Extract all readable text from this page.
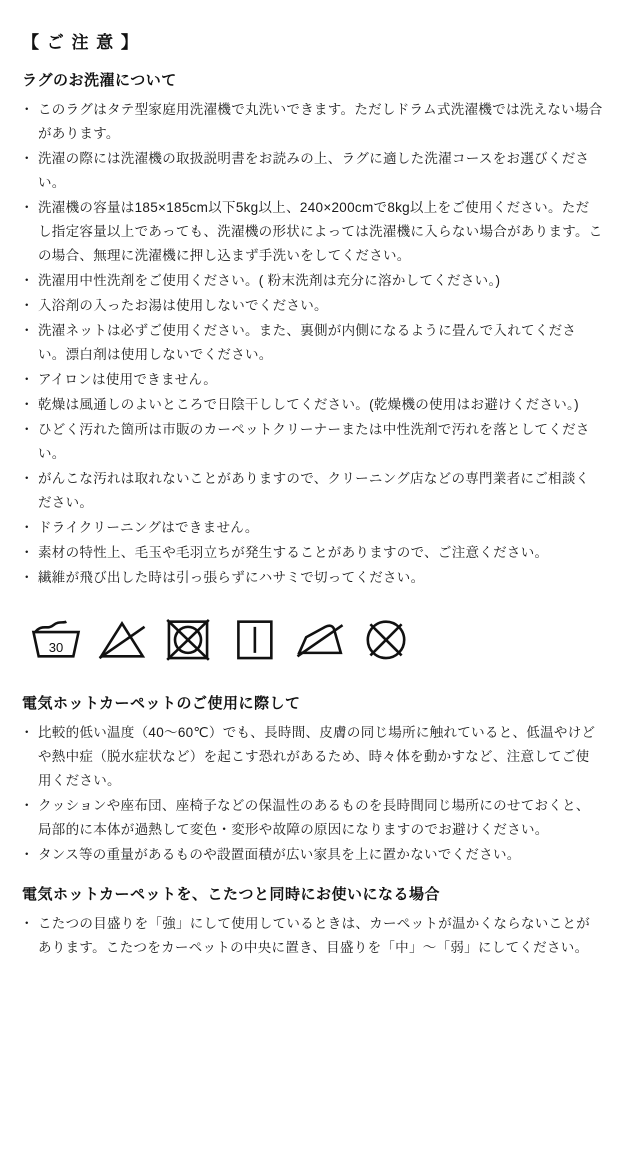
【 ご 注 意 】
ラグのお洗濯について
・ このラグはタテ型家庭用洗濯機で丸洗いできます。ただしドラム式洗濯機では洗えない場合があります。
・ 洗濯の際には洗濯機の取扱説明書をお読みの上、ラグに適した洗濯コースをお選びください。
・ 洗濯機の容量は185×185cm以下5kg以上、240×200cmで8kg以上をご使用ください。ただし指定容量以上であっても、洗濯機の形状によっては洗濯機に入らない場合があります。この場合、無理に洗濯機に押し込まず手洗いをしてください。
・ 洗濯用中性洗剤をご使用ください。( 粉末洗剤は充分に溶かしてください。)
・ 入浴剤の入ったお湯は使用しないでください。
・ 洗濯ネットは必ずご使用ください。また、裏側が内側になるように畳んで入れてください。漂白剤は使用しないでください。
・ アイロンは使用できません。
・ 乾燥は風通しのよいところで日陰干ししてください。(乾燥機の使用はお避けください。)
・ ひどく汚れた箇所は市販のカーペットクリーナーまたは中性洗剤で汚れを落としてください。
・ がんこな汚れは取れないことがありますので、クリーニング店などの専門業者にご相談ください。
・ ドライクリーニングはできません。
・ 素材の特性上、毛玉や毛羽立ちが発生することがありますので、ご注意ください。
・ 繊維が飛び出した時は引っ張らずにハサミで切ってください。
30
電気ホットカーペットのご使用に際して
・ 比較的低い温度（40〜60℃）でも、長時間、皮膚の同じ場所に触れていると、低温やけどや熱中症（脱水症状など）を起こす恐れがあるため、時々体を動かすなど、注意してご使用ください。
・ クッションや座布団、座椅子などの保温性のあるものを長時間同じ場所にのせておくと、局部的に本体が過熱して変色・変形や故障の原因になりますのでお避けください。
・ タンス等の重量があるものや設置面積が広い家具を上に置かないでください。
電気ホットカーペットを、こたつと同時にお使いになる場合
・ こたつの目盛りを「強」にして使用しているときは、カーペットが温かくならないことがあります。こたつをカーペットの中央に置き、目盛りを「中」〜「弱」にしてください。
